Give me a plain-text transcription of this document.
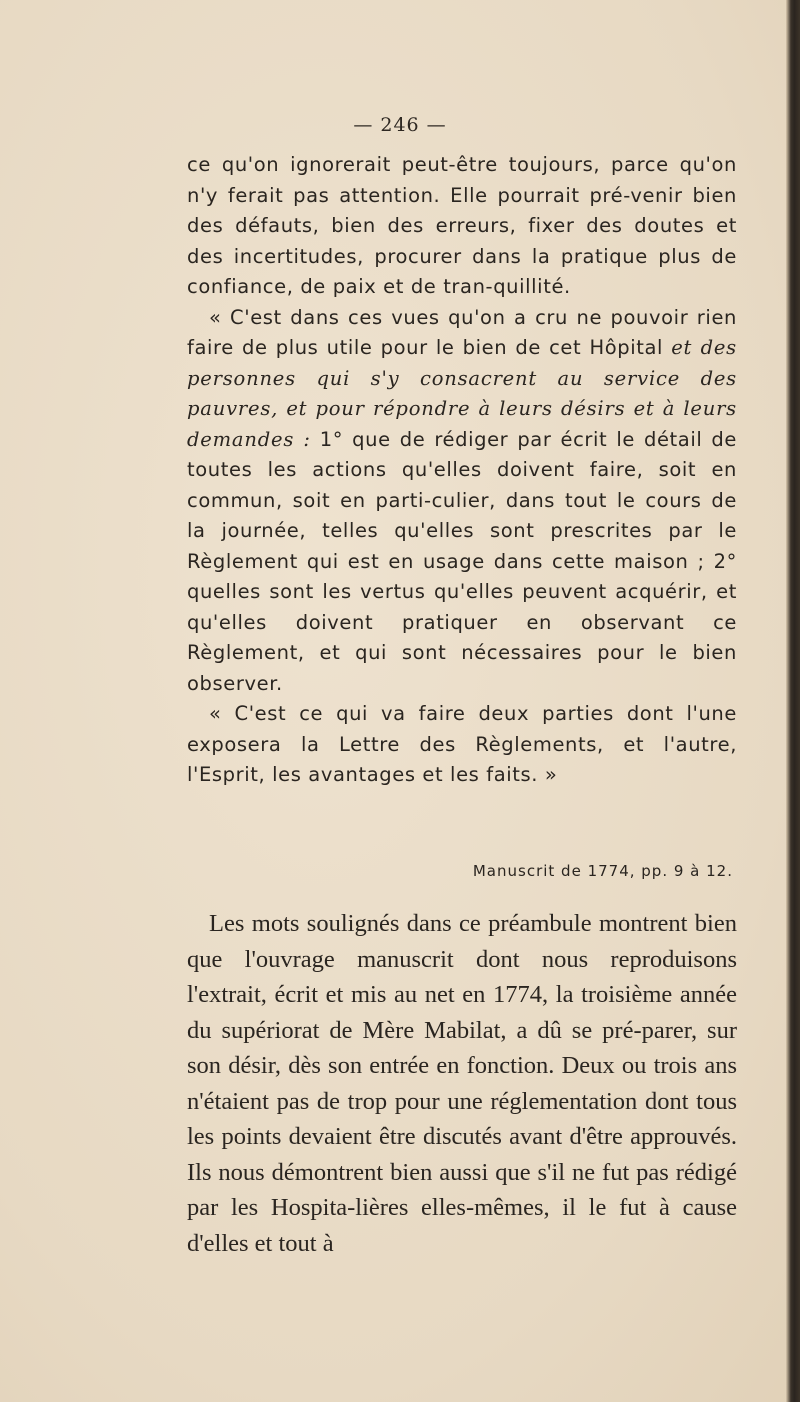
— 246 —

ce qu'on ignorerait peut-être toujours, parce qu'on n'y ferait pas attention. Elle pourrait pré-venir bien des défauts, bien des erreurs, fixer des doutes et des incertitudes, procurer dans la pratique plus de confiance, de paix et de tran-quillité.

« C'est dans ces vues qu'on a cru ne pouvoir rien faire de plus utile pour le bien de cet Hôpital et des personnes qui s'y consacrent au service des pauvres, et pour répondre à leurs désirs et à leurs demandes : 1° que de rédiger par écrit le détail de toutes les actions qu'elles doivent faire, soit en commun, soit en parti-culier, dans tout le cours de la journée, telles qu'elles sont prescrites par le Règlement qui est en usage dans cette maison ; 2° quelles sont les vertus qu'elles peuvent acquérir, et qu'elles doivent pratiquer en observant ce Règlement, et qui sont nécessaires pour le bien observer.

« C'est ce qui va faire deux parties dont l'une exposera la Lettre des Règlements, et l'autre, l'Esprit, les avantages et les faits. »

Manuscrit de 1774, pp. 9 à 12.

Les mots soulignés dans ce préambule montrent bien que l'ouvrage manuscrit dont nous reproduisons l'extrait, écrit et mis au net en 1774, la troisième année du supériorat de Mère Mabilat, a dû se pré-parer, sur son désir, dès son entrée en fonction. Deux ou trois ans n'étaient pas de trop pour une réglementation dont tous les points devaient être discutés avant d'être approuvés. Ils nous démontrent bien aussi que s'il ne fut pas rédigé par les Hospita-lières elles-mêmes, il le fut à cause d'elles et tout à
